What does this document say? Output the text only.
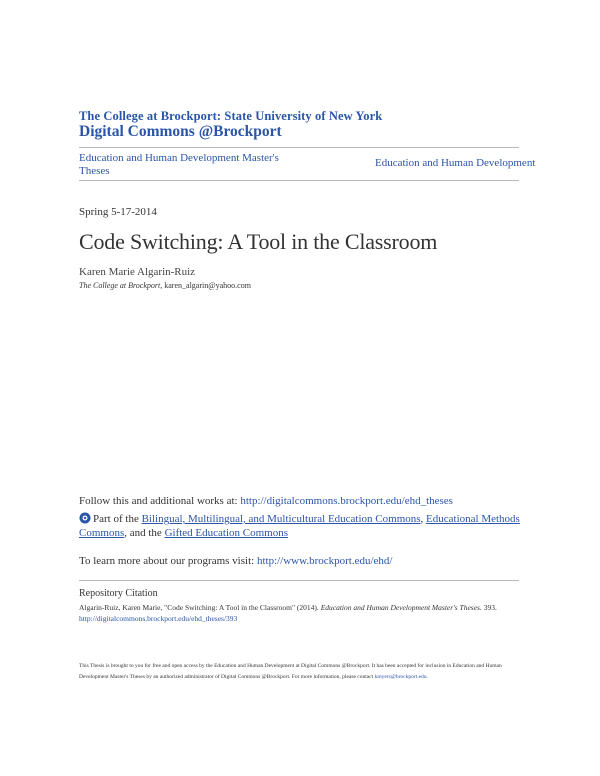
The College at Brockport: State University of New York
Digital Commons @Brockport
Education and Human Development Master's Theses
Education and Human Development
Spring 5-17-2014
Code Switching: A Tool in the Classroom
Karen Marie Algarin-Ruiz
The College at Brockport, karen_algarin@yahoo.com
Follow this and additional works at: http://digitalcommons.brockport.edu/ehd_theses
Part of the Bilingual, Multilingual, and Multicultural Education Commons, Educational Methods Commons, and the Gifted Education Commons
To learn more about our programs visit: http://www.brockport.edu/ehd/
Repository Citation
Algarin-Ruiz, Karen Marie, "Code Switching: A Tool in the Classroom" (2014). Education and Human Development Master's Theses. 393.
http://digitalcommons.brockport.edu/ehd_theses/393
This Thesis is brought to you for free and open access by the Education and Human Development at Digital Commons @Brockport. It has been accepted for inclusion in Education and Human Development Master's Theses by an authorized administrator of Digital Commons @Brockport. For more information, please contact kmyers@brockport.edu.
